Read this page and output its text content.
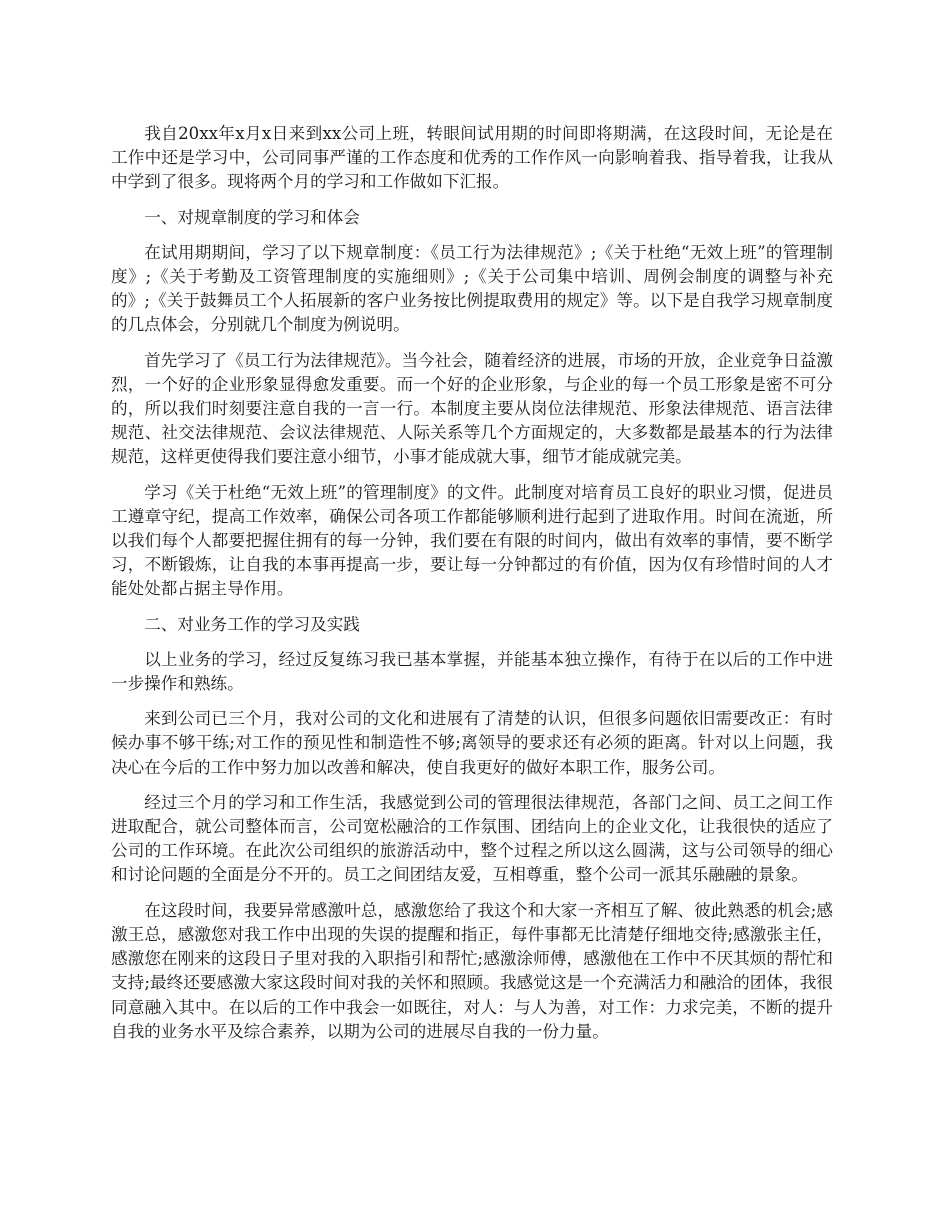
我自20xx年x月x日来到xx公司上班，转眼间试用期的时间即将期满，在这段时间，无论是在工作中还是学习中，公司同事严谨的工作态度和优秀的工作作风一向影响着我、指导着我，让我从中学到了很多。现将两个月的学习和工作做如下汇报。

一、对规章制度的学习和体会

在试用期期间，学习了以下规章制度：《员工行为法律规范》;《关于杜绝“无效上班”的管理制度》;《关于考勤及工资管理制度的实施细则》;《关于公司集中培训、周例会制度的调整与补充的》;《关于鼓舞员工个人拓展新的客户业务按比例提取费用的规定》等。以下是自我学习规章制度的几点体会，分别就几个制度为例说明。

首先学习了《员工行为法律规范》。当今社会，随着经济的进展，市场的开放，企业竞争日益激烈，一个好的企业形象显得愈发重要。而一个好的企业形象，与企业的每一个员工形象是密不可分的，所以我们时刻要注意自我的一言一行。本制度主要从岗位法律规范、形象法律规范、语言法律规范、社交法律规范、会议法律规范、人际关系等几个方面规定的，大多数都是最基本的行为法律规范，这样更使得我们要注意小细节，小事才能成就大事，细节才能成就完美。

学习《关于杜绝“无效上班”的管理制度》的文件。此制度对培育员工良好的职业习惯，促进员工遵章守纪，提高工作效率，确保公司各项工作都能够顺利进行起到了进取作用。时间在流逝，所以我们每个人都要把握住拥有的每一分钟，我们要在有限的时间内，做出有效率的事情，要不断学习，不断锻炼，让自我的本事再提高一步，要让每一分钟都过的有价值，因为仅有珍惜时间的人才能处处都占据主导作用。

二、对业务工作的学习及实践

以上业务的学习，经过反复练习我已基本掌握，并能基本独立操作，有待于在以后的工作中进一步操作和熟练。

来到公司已三个月，我对公司的文化和进展有了清楚的认识，但很多问题依旧需要改正：有时候办事不够干练;对工作的预见性和制造性不够;离领导的要求还有必须的距离。针对以上问题，我决心在今后的工作中努力加以改善和解决，使自我更好的做好本职工作，服务公司。

经过三个月的学习和工作生活，我感觉到公司的管理很法律规范，各部门之间、员工之间工作进取配合，就公司整体而言，公司宽松融洽的工作氛围、团结向上的企业文化，让我很快的适应了公司的工作环境。在此次公司组织的旅游活动中，整个过程之所以这么圆满，这与公司领导的细心和讨论问题的全面是分不开的。员工之间团结友爱，互相尊重，整个公司一派其乐融融的景象。

在这段时间，我要异常感激叶总，感激您给了我这个和大家一齐相互了解、彼此熟悉的机会;感激王总，感激您对我工作中出现的失误的提醒和指正，每件事都无比清楚仔细地交待;感激张主任，感激您在刚来的这段日子里对我的入职指引和帮忙;感激涂师傅，感激他在工作中不厌其烦的帮忙和支持;最终还要感激大家这段时间对我的关怀和照顾。我感觉这是一个充满活力和融洽的团体，我很同意融入其中。在以后的工作中我会一如既往，对人：与人为善，对工作：力求完美，不断的提升自我的业务水平及综合素养，以期为公司的进展尽自我的一份力量。
